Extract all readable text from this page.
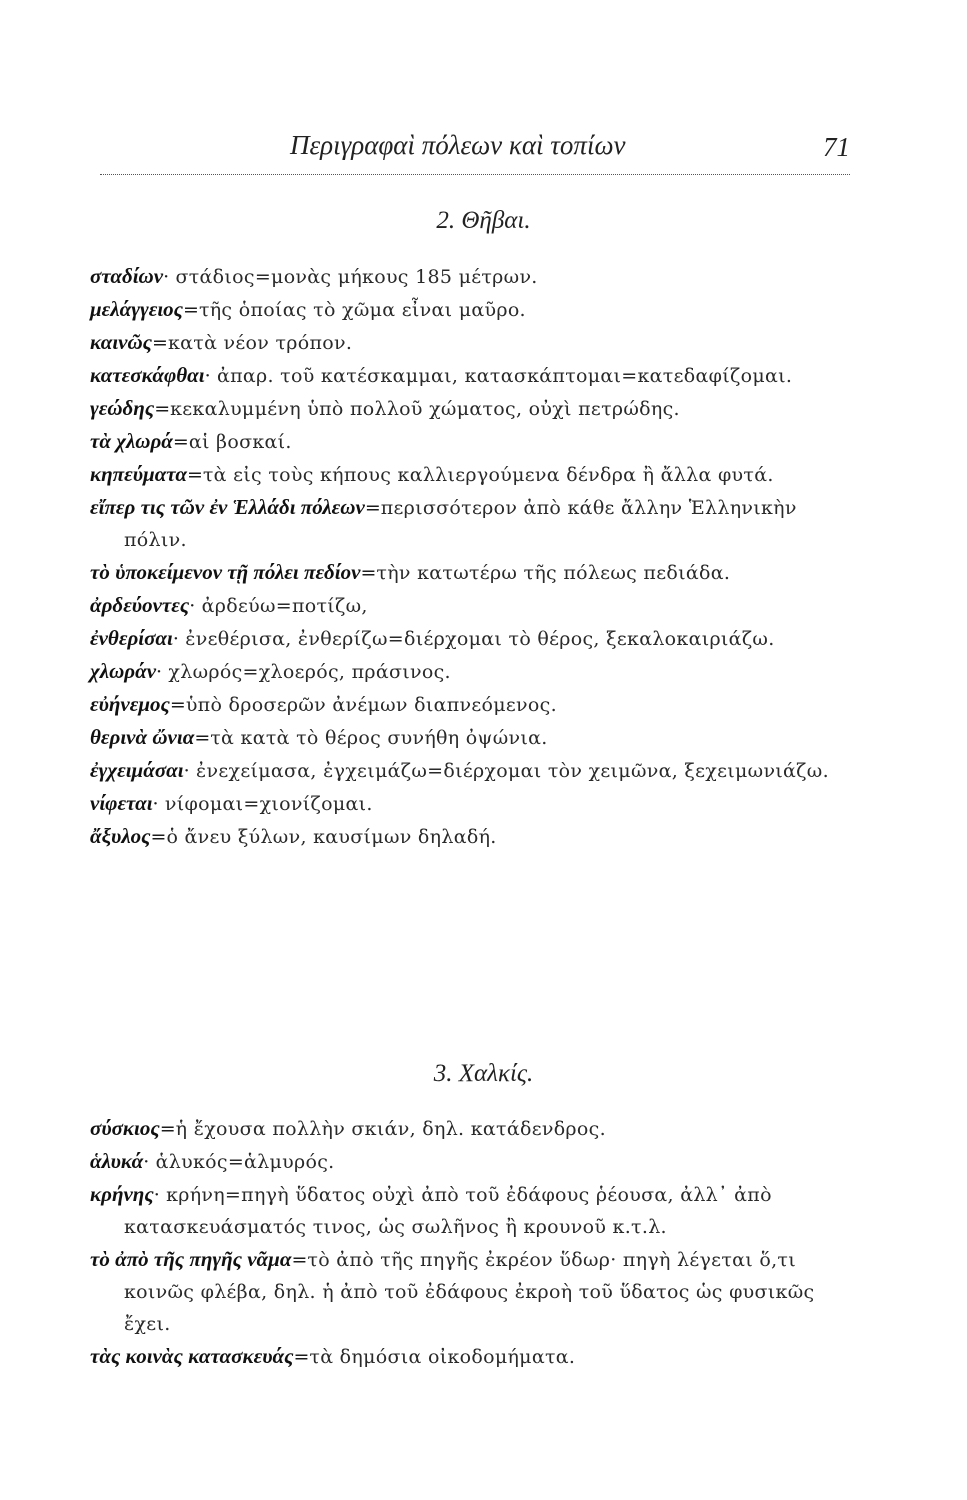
Περιγραφαὶ πόλεων καὶ τοπίων	71
2. Θῆβαι.

σταδίων· στάδιος=μονὰς μήκους 185 μέτρων.

μελάγγειος=τῆς ὁποίας τὸ χῶμα εἶναι μαῦρο.

καινῶς=κατὰ νέον τρόπον.

κατεσκάφθαι· ἀπαρ. τοῦ κατέσκαμμαι, κατασκάπτομαι=κατεδαφίζομαι.

γεώδης=κεκαλυμμένη ὑπὸ πολλοῦ χώματος, οὐχὶ πετρώδης.

τὰ χλωρά=αἱ βοσκαί.

κηπεύματα=τὰ εἰς τοὺς κήπους καλλιεργούμενα δένδρα ἢ ἄλλα φυτά.

εἴπερ τις τῶν ἐν Ἑλλάδι πόλεων=περισσότερον ἀπὸ κάθε ἄλλην Ἑλληνικὴν πόλιν.

τὸ ὑποκείμενον τῇ πόλει πεδίον=τὴν κατωτέρω τῆς πόλεως πεδιάδα.

ἀρδεύοντες· ἀρδεύω=ποτίζω,

ἐνθερίσαι· ἐνεθέρισα, ἐνθερίζω=διέρχομαι τὸ θέρος, ξεκαλοκαιριάζω.

χλωράν· χλωρός=χλοερός, πράσινος.

εὐήνεμος=ὑπὸ δροσερῶν ἀνέμων διαπνεόμενος.

θερινὰ ὤνια=τὰ κατὰ τὸ θέρος συνήθη ὀψώνια.

ἐγχειμάσαι· ἐνεχείμασα, ἐγχειμάζω=διέρχομαι τὸν χειμῶνα, ξεχειμωνιάζω.

νίφεται· νίφομαι=χιονίζομαι.

ἄξυλος=ὁ ἄνευ ξύλων, καυσίμων δηλαδή.

3. Χαλκίς.

σύσκιος=ἡ ἔχουσα πολλὴν σκιάν, δηλ. κατάδενδρος.

ἁλυκά· ἁλυκός=ἁλμυρός.

κρήνης· κρήνη=πηγὴ ὕδατος οὐχὶ ἀπὸ τοῦ ἐδάφους ῥέουσα, ἀλλ᾽ ἀπὸ κατασκευάσματός τινος, ὡς σωλῆνος ἢ κρουνοῦ κ.τ.λ.

τὸ ἀπὸ τῆς πηγῆς νᾶμα=τὸ ἀπὸ τῆς πηγῆς ἐκρέον ὕδωρ· πηγὴ λέγεται ὅ,τι κοινῶς φλέβα, δηλ. ἡ ἀπὸ τοῦ ἐδάφους ἐκροὴ τοῦ ὕδατος ὡς φυσικῶς ἔχει.

τὰς κοινὰς κατασκευάς=τὰ δημόσια οἰκοδομήματα.
